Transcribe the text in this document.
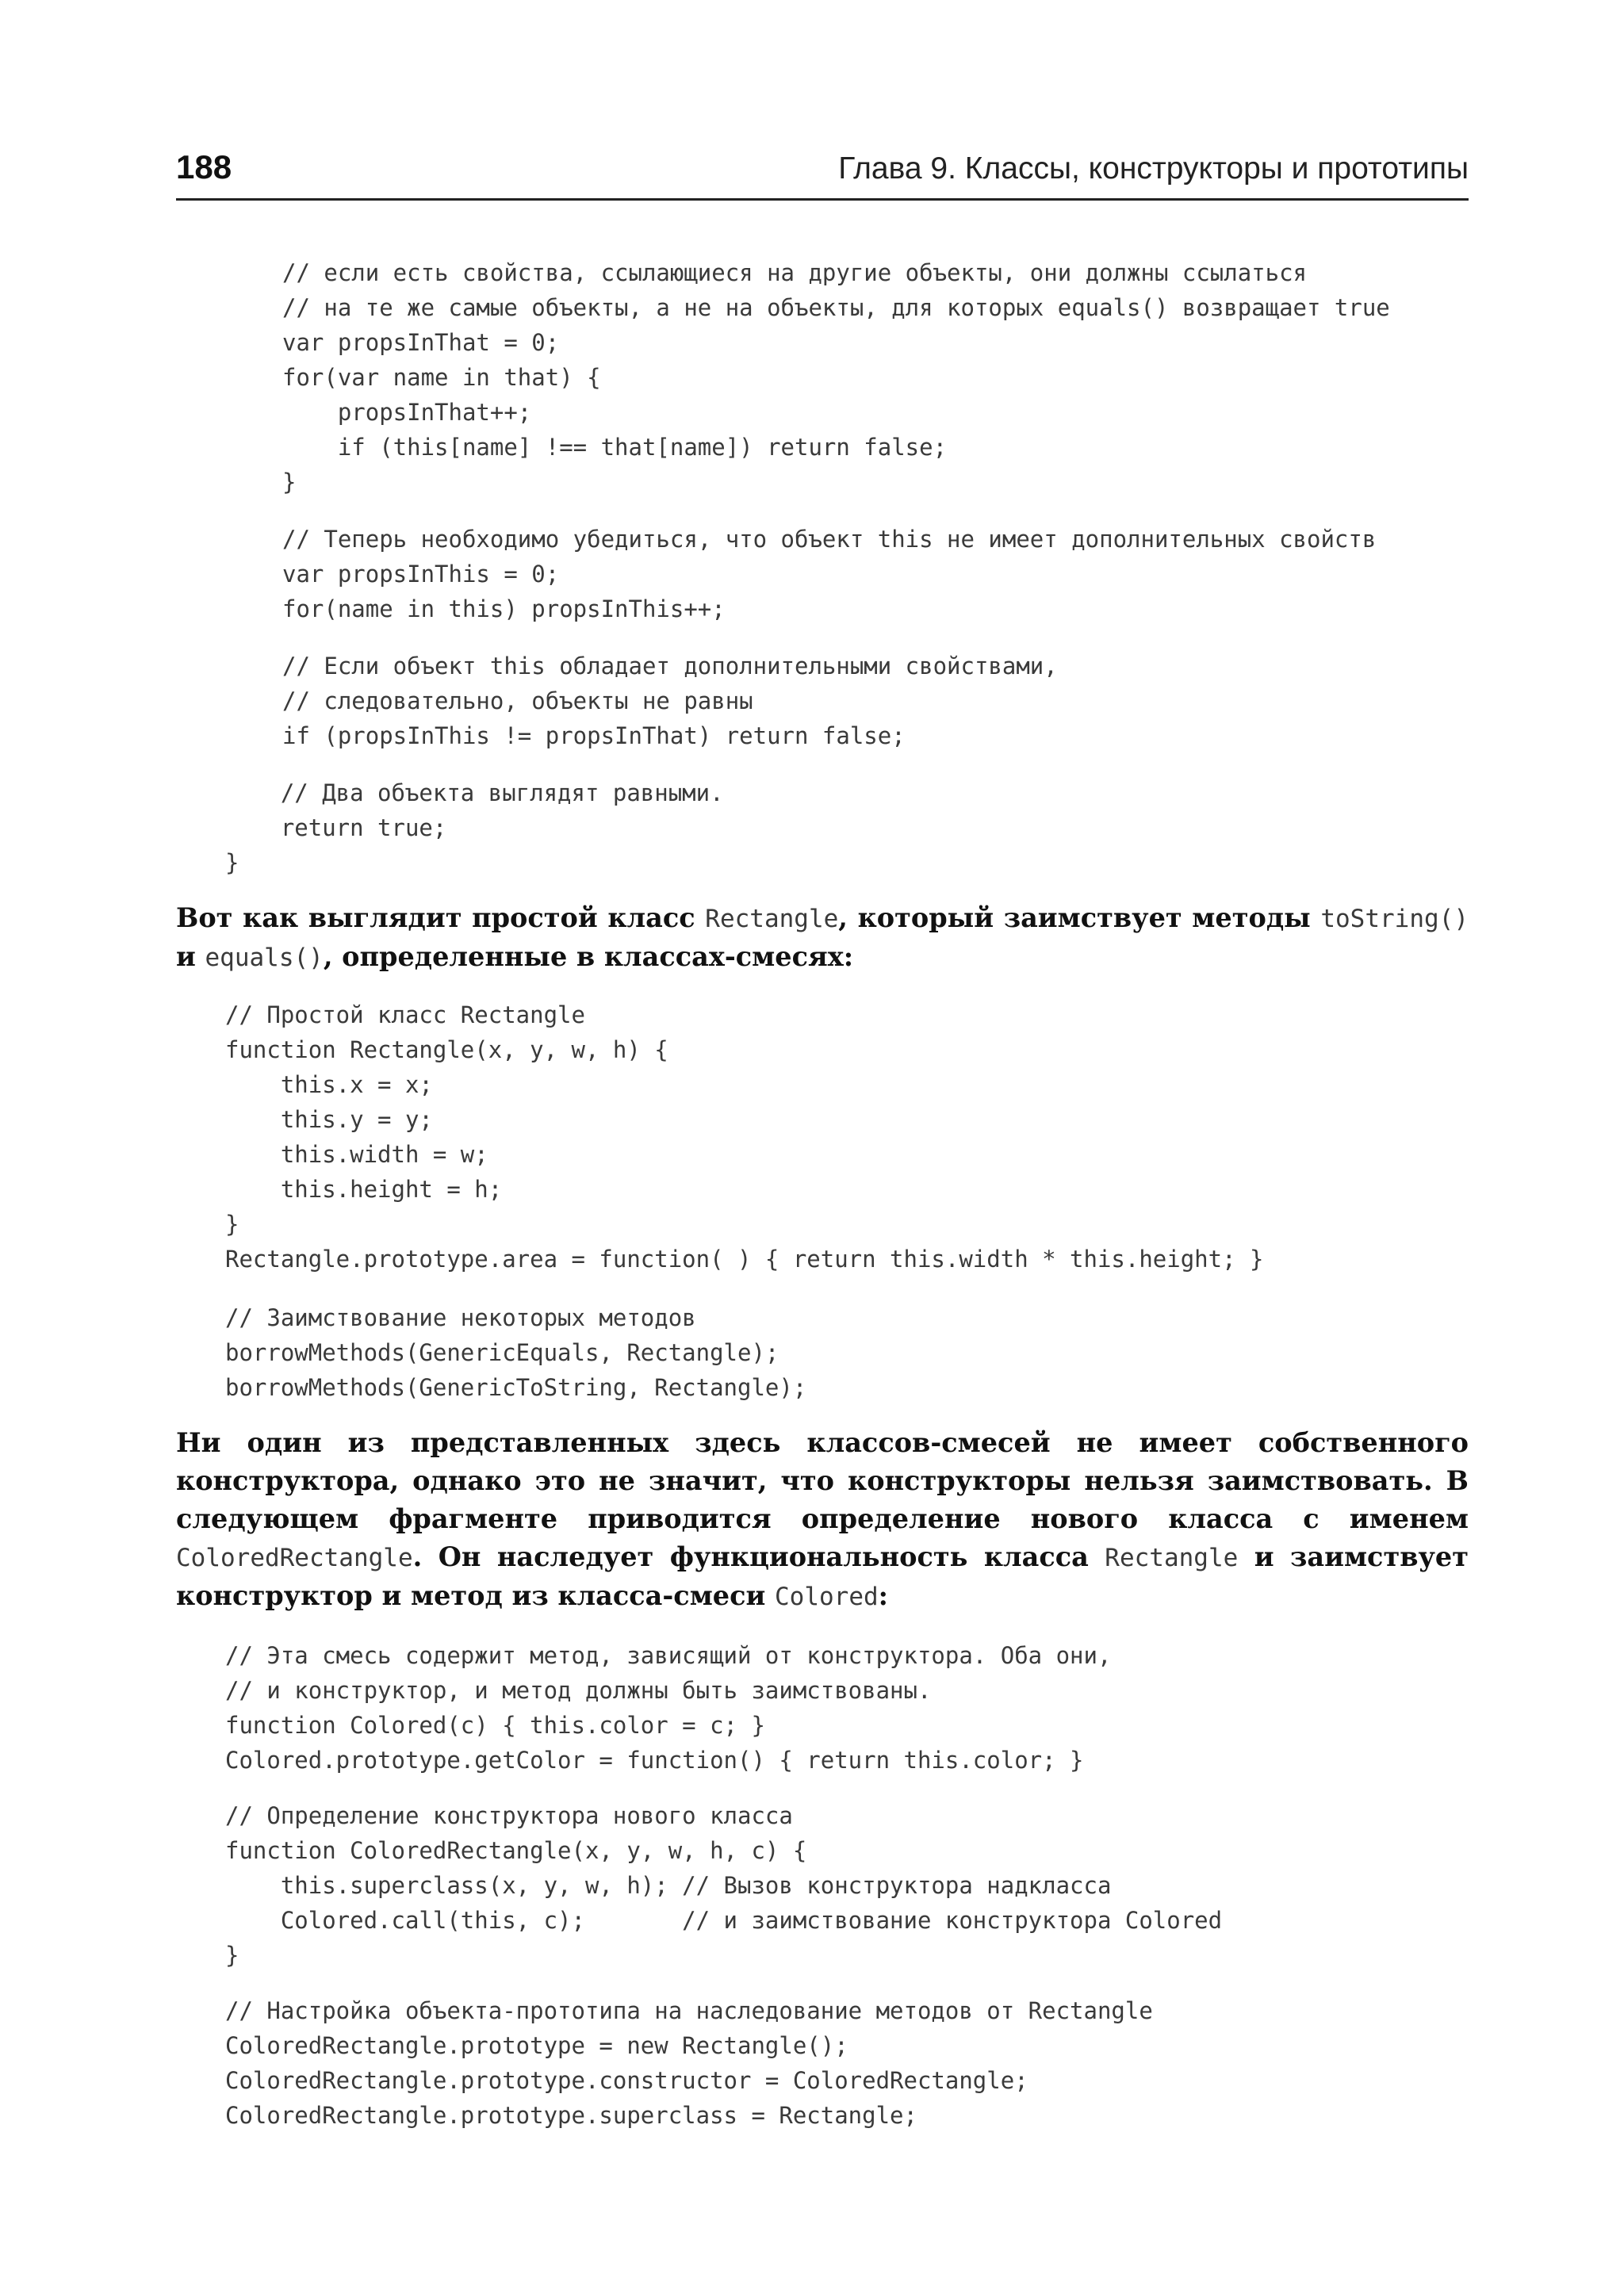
188	Глава 9. Классы, конструкторы и прототипы
// если есть свойства, ссылающиеся на другие объекты, они должны ссылаться
// на те же самые объекты, а не на объекты, для которых equals() возвращает true
var propsInThat = 0;
for(var name in that) {
propsInThat++;
if (this[name] !== that[name]) return false;
}
// Теперь необходимо убедиться, что объект this не имеет дополнительных свойств
var propsInThis = 0;
for(name in this) propsInThis++;
// Если объект this обладает дополнительными свойствами,
// следовательно, объекты не равны
if (propsInThis != propsInThat) return false;
// Два объекта выглядят равными.
return true;
}

Вот как выглядит простой класс Rectangle, который заимствует методы toString() и equals(), определенные в классах-смесях:

// Простой класс Rectangle
function Rectangle(x, y, w, h) {
this.x = x;
this.y = y;
this.width = w;
this.height = h;
}
Rectangle.prototype.area = function( ) { return this.width * this.height; }
// Заимствование некоторых методов
borrowMethods(GenericEquals, Rectangle);
borrowMethods(GenericToString, Rectangle);

Ни один из представленных здесь классов-смесей не имеет собственного конструктора, однако это не значит, что конструкторы нельзя заимствовать. В следующем фрагменте приводится определение нового класса с именем ColoredRectangle. Он наследует функциональность класса Rectangle и заимствует конструктор и метод из класса-смеси Colored:

// Эта смесь содержит метод, зависящий от конструктора. Оба они,
// и конструктор, и метод должны быть заимствованы.
function Colored(c) { this.color = c; }
Colored.prototype.getColor = function() { return this.color; }
// Определение конструктора нового класса
function ColoredRectangle(x, y, w, h, c) {
this.superclass(x, y, w, h); // Вызов конструктора надкласса
Colored.call(this, c);       // и заимствование конструктора Colored
}
// Настройка объекта-прототипа на наследование методов от Rectangle
ColoredRectangle.prototype = new Rectangle();
ColoredRectangle.prototype.constructor = ColoredRectangle;
ColoredRectangle.prototype.superclass = Rectangle;
